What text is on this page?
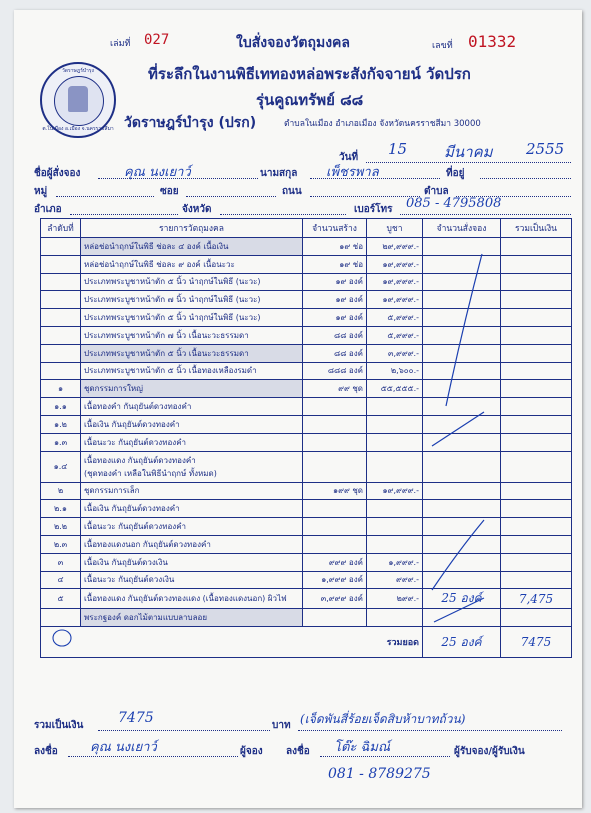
วัดราษฎร์บำรุง
ต.ในเมือง อ.เมือง จ.นครราชสีมา
เล่มที่ 027	ใบสั่งจองวัตถุมงคล	เลขที่ 01332
ที่ระลึกในงานพิธีเททองหล่อพระสังกัจจายน์ วัดปรก
รุ่นคูณทรัพย์ ๘๘
วัดราษฎร์บำรุง (ปรก)	ตำบลในเมือง อำเภอเมือง จังหวัดนครราชสีมา 30000
วันที่ 15 มีนาคม 2555
ชื่อผู้สั่งจอง	คุณ นงเยาว์	นามสกุล เพ็ชรพาล	ที่อยู่
หมู่	ซอย	ถนน	ตำบล
อำเภอ	จังหวัด	เบอร์โทร 085 - 4795808
ลำดับที่	รายการวัตถุมงคล	จำนวนสร้าง	บูชา	จำนวนสั่งจอง	รวมเป็นเงิน
	หล่อช่อนำฤกษ์ในพิธี ช่อละ ๔ องค์ เนื้อเงิน	๑๙ ช่อ	๒๙,๙๙๙.-		
	หล่อช่อนำฤกษ์ในพิธี ช่อละ ๙ องค์ เนื้อนะวะ	๑๙ ช่อ	๑๙,๙๙๙.-		
	ประเภทพระบูชาหน้าตัก ๕ นิ้ว นำฤกษ์ในพิธี (นะวะ)	๑๙ องค์	๑๙,๙๙๙.-		
	ประเภทพระบูชาหน้าตัก ๗ นิ้ว นำฤกษ์ในพิธี (นะวะ)	๑๙ องค์	๑๙,๙๙๙.-		
	ประเภทพระบูชาหน้าตัก ๕ นิ้ว นำฤกษ์ในพิธี (นะวะ)	๑๙ องค์	๕,๙๙๙.-		
	ประเภทพระบูชาหน้าตัก ๗ นิ้ว เนื้อนะวะธรรมดา	๘๘ องค์	๕,๙๙๙.-		
	ประเภทพระบูชาหน้าตัก ๕ นิ้ว เนื้อนะวะธรรมดา	๘๘ องค์	๓,๙๙๙.-		
	ประเภทพระบูชาหน้าตัก ๕ นิ้ว เนื้อทองเหลืองรมดำ	๘๘๘ องค์	๒,๖๐๐.-		
๑	ชุดกรรมการใหญ่	๙๙ ชุด	๕๕,๕๕๕.-		
๑.๑	เนื้อทองคำ กันถุยันต์ดวงทองคำ				
๑.๒	เนื้อเงิน กันถุยันต์ดวงทองคำ				
๑.๓	เนื้อนะวะ กันถุยันต์ดวงทองคำ				
๑.๔	เนื้อทองแดง กันถุยันต์ดวงทองคำ
(ชุดทองคำ เหลือในพิธีนำฤกษ์ ทั้งหมด)				

๒	ชุดกรรมการเล็ก	๑๙๙ ชุด	๑๙,๙๙๙.-		
๒.๑	เนื้อเงิน กันถุยันต์ดวงทองคำ				
๒.๒	เนื้อนะวะ กันถุยันต์ดวงทองคำ				
๒.๓	เนื้อทองแดงนอก กันถุยันต์ดวงทองคำ				
๓	เนื้อเงิน กันถุยันต์ดวงเงิน	๙๙๙ องค์	๑,๙๙๙.-		
๔	เนื้อนะวะ กันถุยันต์ดวงเงิน	๑,๙๙๙ องค์	๙๙๙.-		
๕	เนื้อทองแดง กันถุยันต์ดวงทองแดง (เนื้อทองแดงนอก) ผิวไฟ	๓,๙๙๙ องค์	๒๙๙.-	25 องค์	7,475
	พระกฐองค์ ดอกไม้ตามแบบลาบลอย				
รวมยอด				25 องค์	7475
รวมเป็นเงิน 7475	บาท (เจ็ดพันสี่ร้อยเจ็ดสิบห้าบาทถ้วน)
ลงชื่อ คุณ นงเยาว์	ผู้จอง ลงชื่อ โต๊ะ ฉิมณ์	ผู้รับจอง/ผู้รับเงิน
081 - 8789275
